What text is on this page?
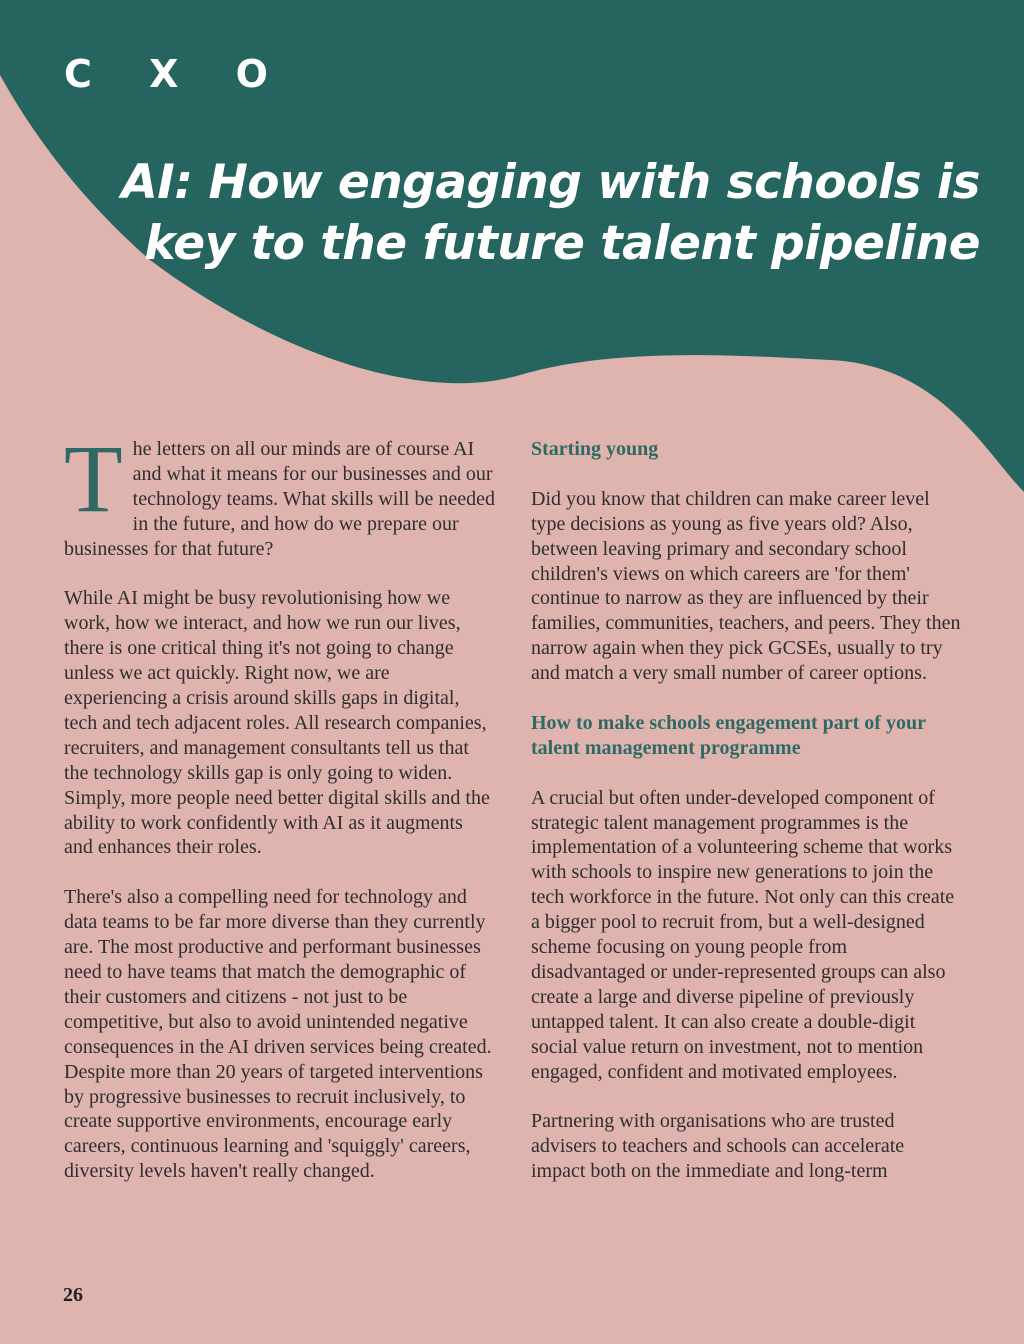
C X O
AI: How engaging with schools is
key to the future talent pipeline

The letters on all our minds are of course AI and what it means for our businesses and our technology teams. What skills will be needed in the future, and how do we prepare our businesses for that future?

While AI might be busy revolutionising how we work, how we interact, and how we run our lives, there is one critical thing it's not going to change unless we act quickly. Right now, we are experiencing a crisis around skills gaps in digital, tech and tech adjacent roles. All research companies, recruiters, and management consultants tell us that the technology skills gap is only going to widen. Simply, more people need better digital skills and the ability to work confidently with AI as it augments and enhances their roles.

There's also a compelling need for technology and data teams to be far more diverse than they currently are. The most productive and performant businesses need to have teams that match the demographic of their customers and citizens - not just to be competitive, but also to avoid unintended negative consequences in the AI driven services being created. Despite more than 20 years of targeted interventions by progressive businesses to recruit inclusively, to create supportive environments, encourage early careers, continuous learning and 'squiggly' careers, diversity levels haven't really changed.

Starting young

Did you know that children can make career level type decisions as young as five years old? Also, between leaving primary and secondary school children's views on which careers are 'for them' continue to narrow as they are influenced by their families, communities, teachers, and peers. They then narrow again when they pick GCSEs, usually to try and match a very small number of career options.

How to make schools engagement part of your talent management programme

A crucial but often under-developed component of strategic talent management programmes is the implementation of a volunteering scheme that works with schools to inspire new generations to join the tech workforce in the future. Not only can this create a bigger pool to recruit from, but a well-designed scheme focusing on young people from disadvantaged or under-represented groups can also create a large and diverse pipeline of previously untapped talent. It can also create a double-digit social value return on investment, not to mention engaged, confident and motivated employees.

Partnering with organisations who are trusted advisers to teachers and schools can accelerate impact both on the immediate and long-term

26
